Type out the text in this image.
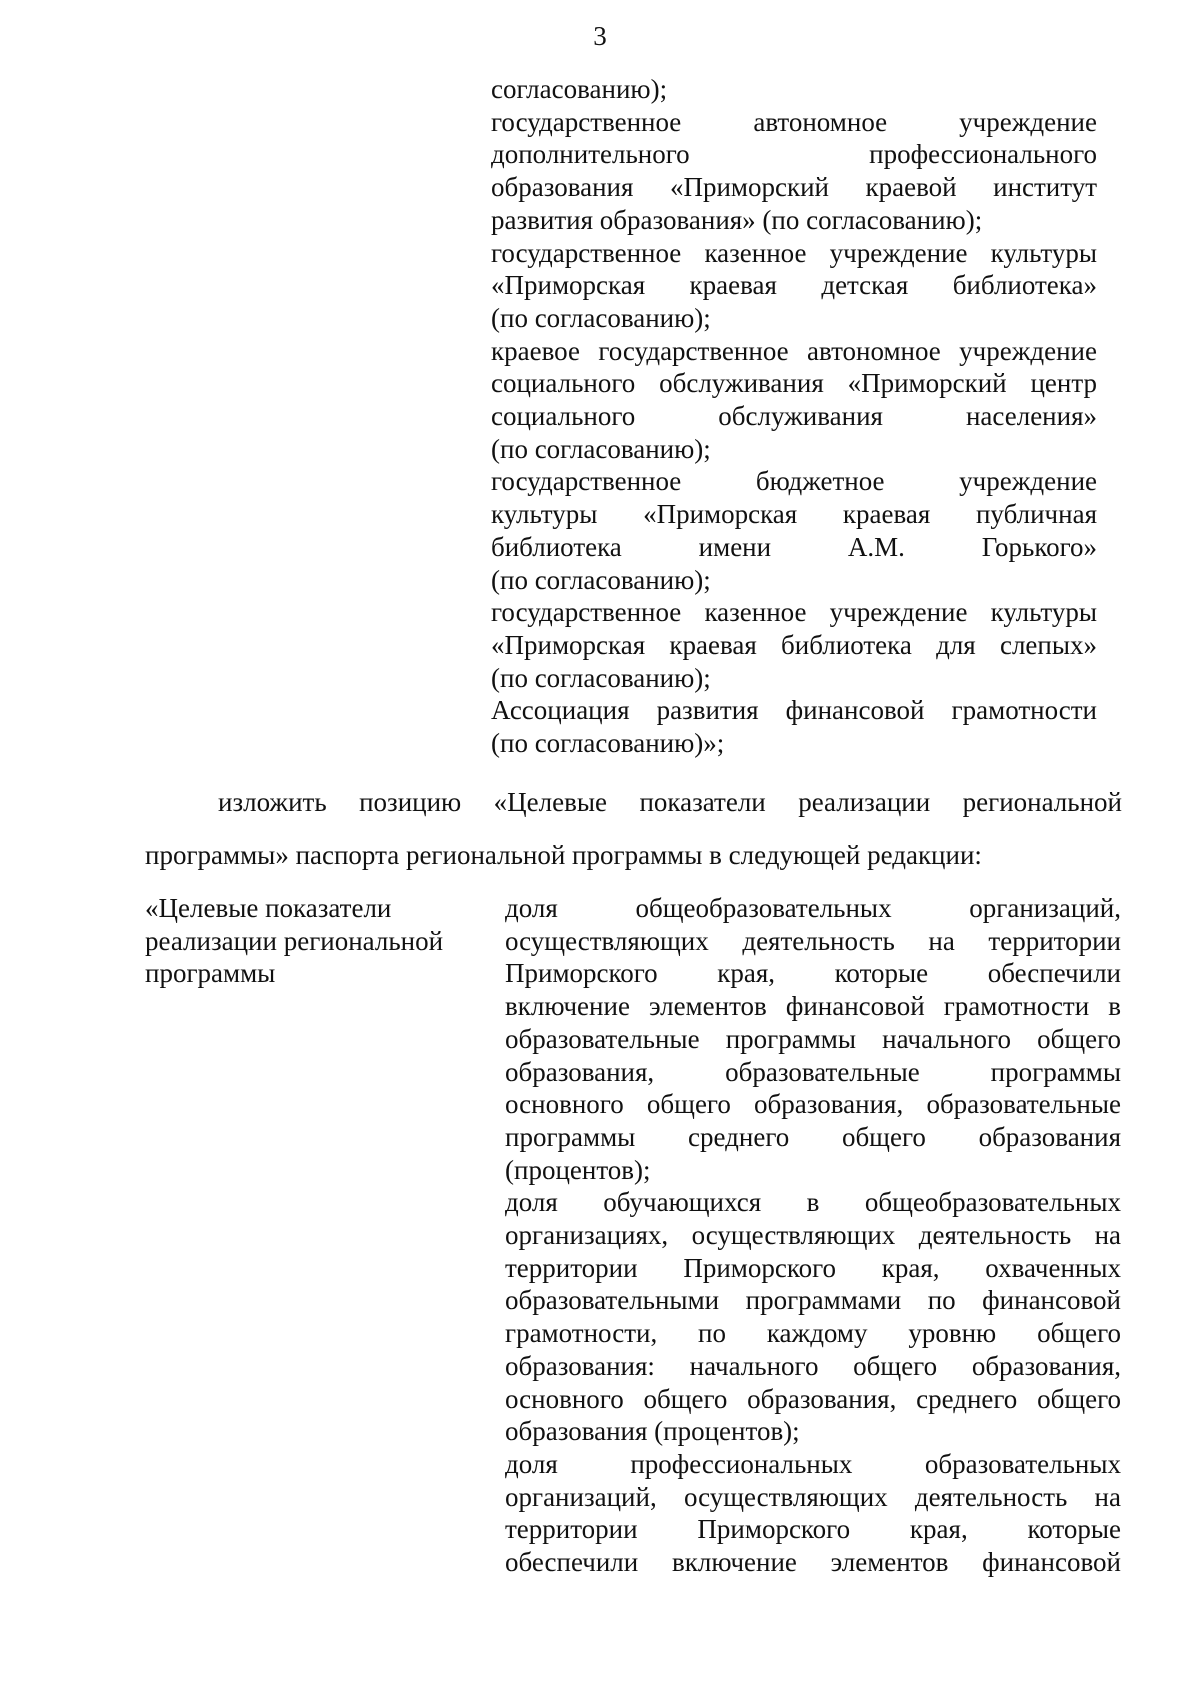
3
согласованию);
государственное автономное учреждение
дополнительного профессионального
образования «Приморский краевой институт
развития образования» (по согласованию);
государственное казенное учреждение культуры
«Приморская краевая детская библиотека»
(по согласованию);
краевое государственное автономное учреждение
социального обслуживания «Приморский центр
социального обслуживания населения»
(по согласованию);
государственное бюджетное учреждение
культуры «Приморская краевая публичная
библиотека имени А.М. Горького»
(по согласованию);
государственное казенное учреждение культуры
«Приморская краевая библиотека для слепых»
(по согласованию);
Ассоциация развития финансовой грамотности
(по согласованию)»;
изложить позицию «Целевые показатели реализации региональной
программы» паспорта региональной программы в следующей редакции:
«Целевые показатели
реализации региональной
программы
доля общеобразовательных организаций,
осуществляющих деятельность на территории
Приморского края, которые обеспечили
включение элементов финансовой грамотности в
образовательные программы начального общего
образования, образовательные программы
основного общего образования, образовательные
программы среднего общего образования
(процентов);
доля обучающихся в общеобразовательных
организациях, осуществляющих деятельность на
территории Приморского края, охваченных
образовательными программами по финансовой
грамотности, по каждому уровню общего
образования: начального общего образования,
основного общего образования, среднего общего
образования (процентов);
доля профессиональных образовательных
организаций, осуществляющих деятельность на
территории Приморского края, которые
обеспечили включение элементов финансовой
